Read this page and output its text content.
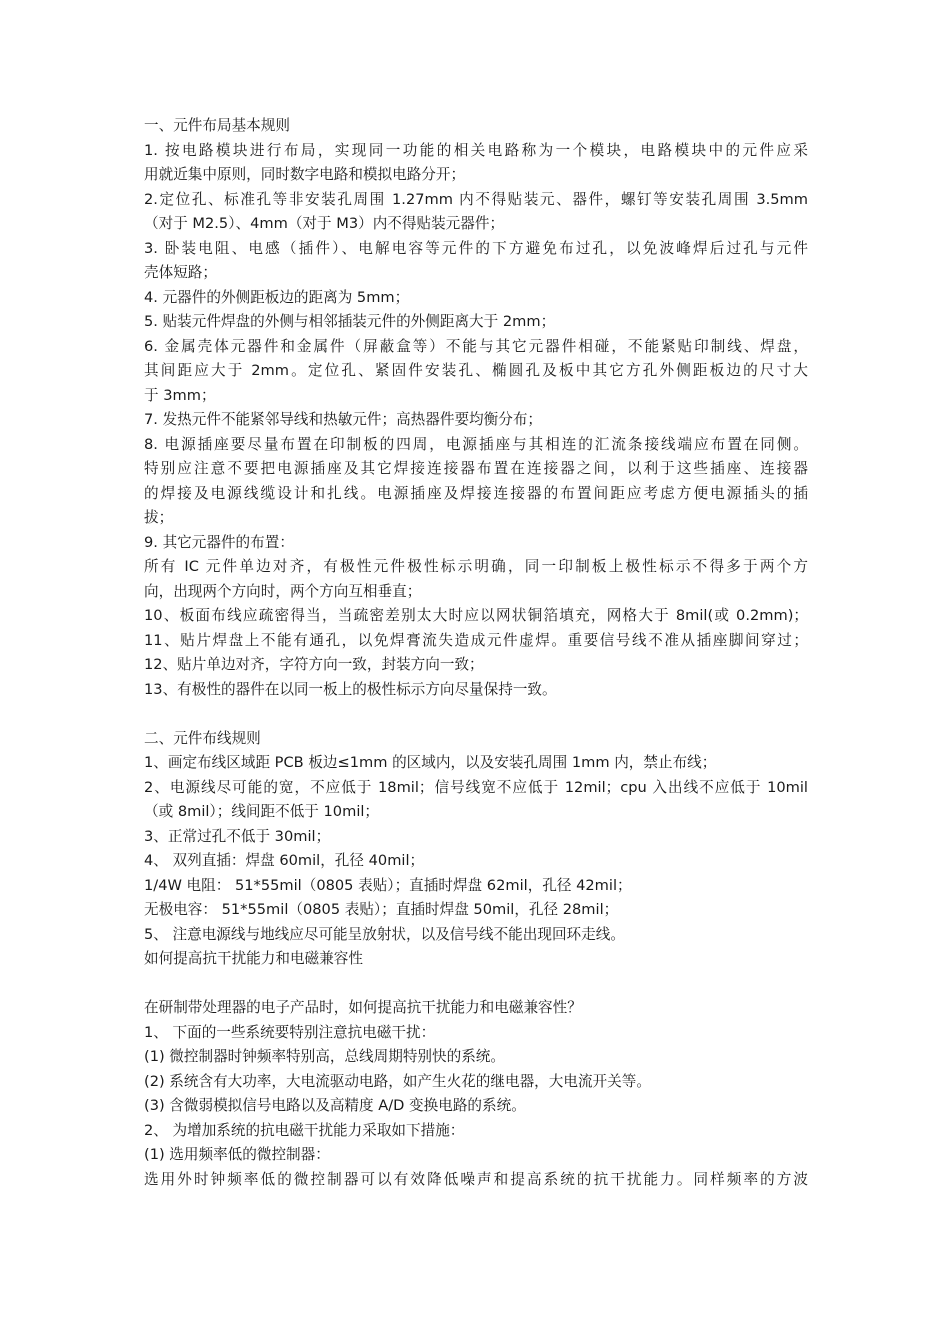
一、元件布局基本规则
1. 按电路模块进行布局，实现同一功能的相关电路称为一个模块，电路模块中的元件应采
用就近集中原则，同时数字电路和模拟电路分开；
2.定位孔、标准孔等非安装孔周围 1.27mm 内不得贴装元、器件，螺钉等安装孔周围 3.5mm
（对于 M2.5）、4mm（对于 M3）内不得贴装元器件；
3. 卧装电阻、电感（插件）、电解电容等元件的下方避免布过孔，以免波峰焊后过孔与元件
壳体短路；
4. 元器件的外侧距板边的距离为 5mm；
5. 贴装元件焊盘的外侧与相邻插装元件的外侧距离大于 2mm；
6. 金属壳体元器件和金属件（屏蔽盒等）不能与其它元器件相碰，不能紧贴印制线、焊盘，
其间距应大于 2mm。定位孔、紧固件安装孔、椭圆孔及板中其它方孔外侧距板边的尺寸大
于 3mm；
7. 发热元件不能紧邻导线和热敏元件；高热器件要均衡分布；
8. 电源插座要尽量布置在印制板的四周，电源插座与其相连的汇流条接线端应布置在同侧。
特别应注意不要把电源插座及其它焊接连接器布置在连接器之间，以利于这些插座、连接器
的焊接及电源线缆设计和扎线。电源插座及焊接连接器的布置间距应考虑方便电源插头的插
拔；
9. 其它元器件的布置：
所有 IC 元件单边对齐，有极性元件极性标示明确，同一印制板上极性标示不得多于两个方
向，出现两个方向时，两个方向互相垂直；
10、板面布线应疏密得当，当疏密差别太大时应以网状铜箔填充，网格大于 8mil(或 0.2mm)；
11、贴片焊盘上不能有通孔，以免焊膏流失造成元件虚焊。重要信号线不准从插座脚间穿过；
12、贴片单边对齐，字符方向一致，封装方向一致；
13、有极性的器件在以同一板上的极性标示方向尽量保持一致。
二、元件布线规则
1、画定布线区域距 PCB 板边≤1mm 的区域内，以及安装孔周围 1mm 内，禁止布线；
2、电源线尽可能的宽，不应低于 18mil；信号线宽不应低于 12mil；cpu 入出线不应低于 10mil
（或 8mil）；线间距不低于 10mil；
3、正常过孔不低于 30mil；
4、 双列直插：焊盘 60mil，孔径 40mil；
1/4W 电阻： 51*55mil（0805 表贴）；直插时焊盘 62mil，孔径 42mil；
无极电容： 51*55mil（0805 表贴）；直插时焊盘 50mil，孔径 28mil；
5、 注意电源线与地线应尽可能呈放射状，以及信号线不能出现回环走线。
如何提高抗干扰能力和电磁兼容性
在研制带处理器的电子产品时，如何提高抗干扰能力和电磁兼容性？
1、 下面的一些系统要特别注意抗电磁干扰：
(1) 微控制器时钟频率特别高，总线周期特别快的系统。
(2) 系统含有大功率，大电流驱动电路，如产生火花的继电器，大电流开关等。
(3) 含微弱模拟信号电路以及高精度 A/D 变换电路的系统。
2、 为增加系统的抗电磁干扰能力采取如下措施：
(1) 选用频率低的微控制器：
选用外时钟频率低的微控制器可以有效降低噪声和提高系统的抗干扰能力。同样频率的方波
